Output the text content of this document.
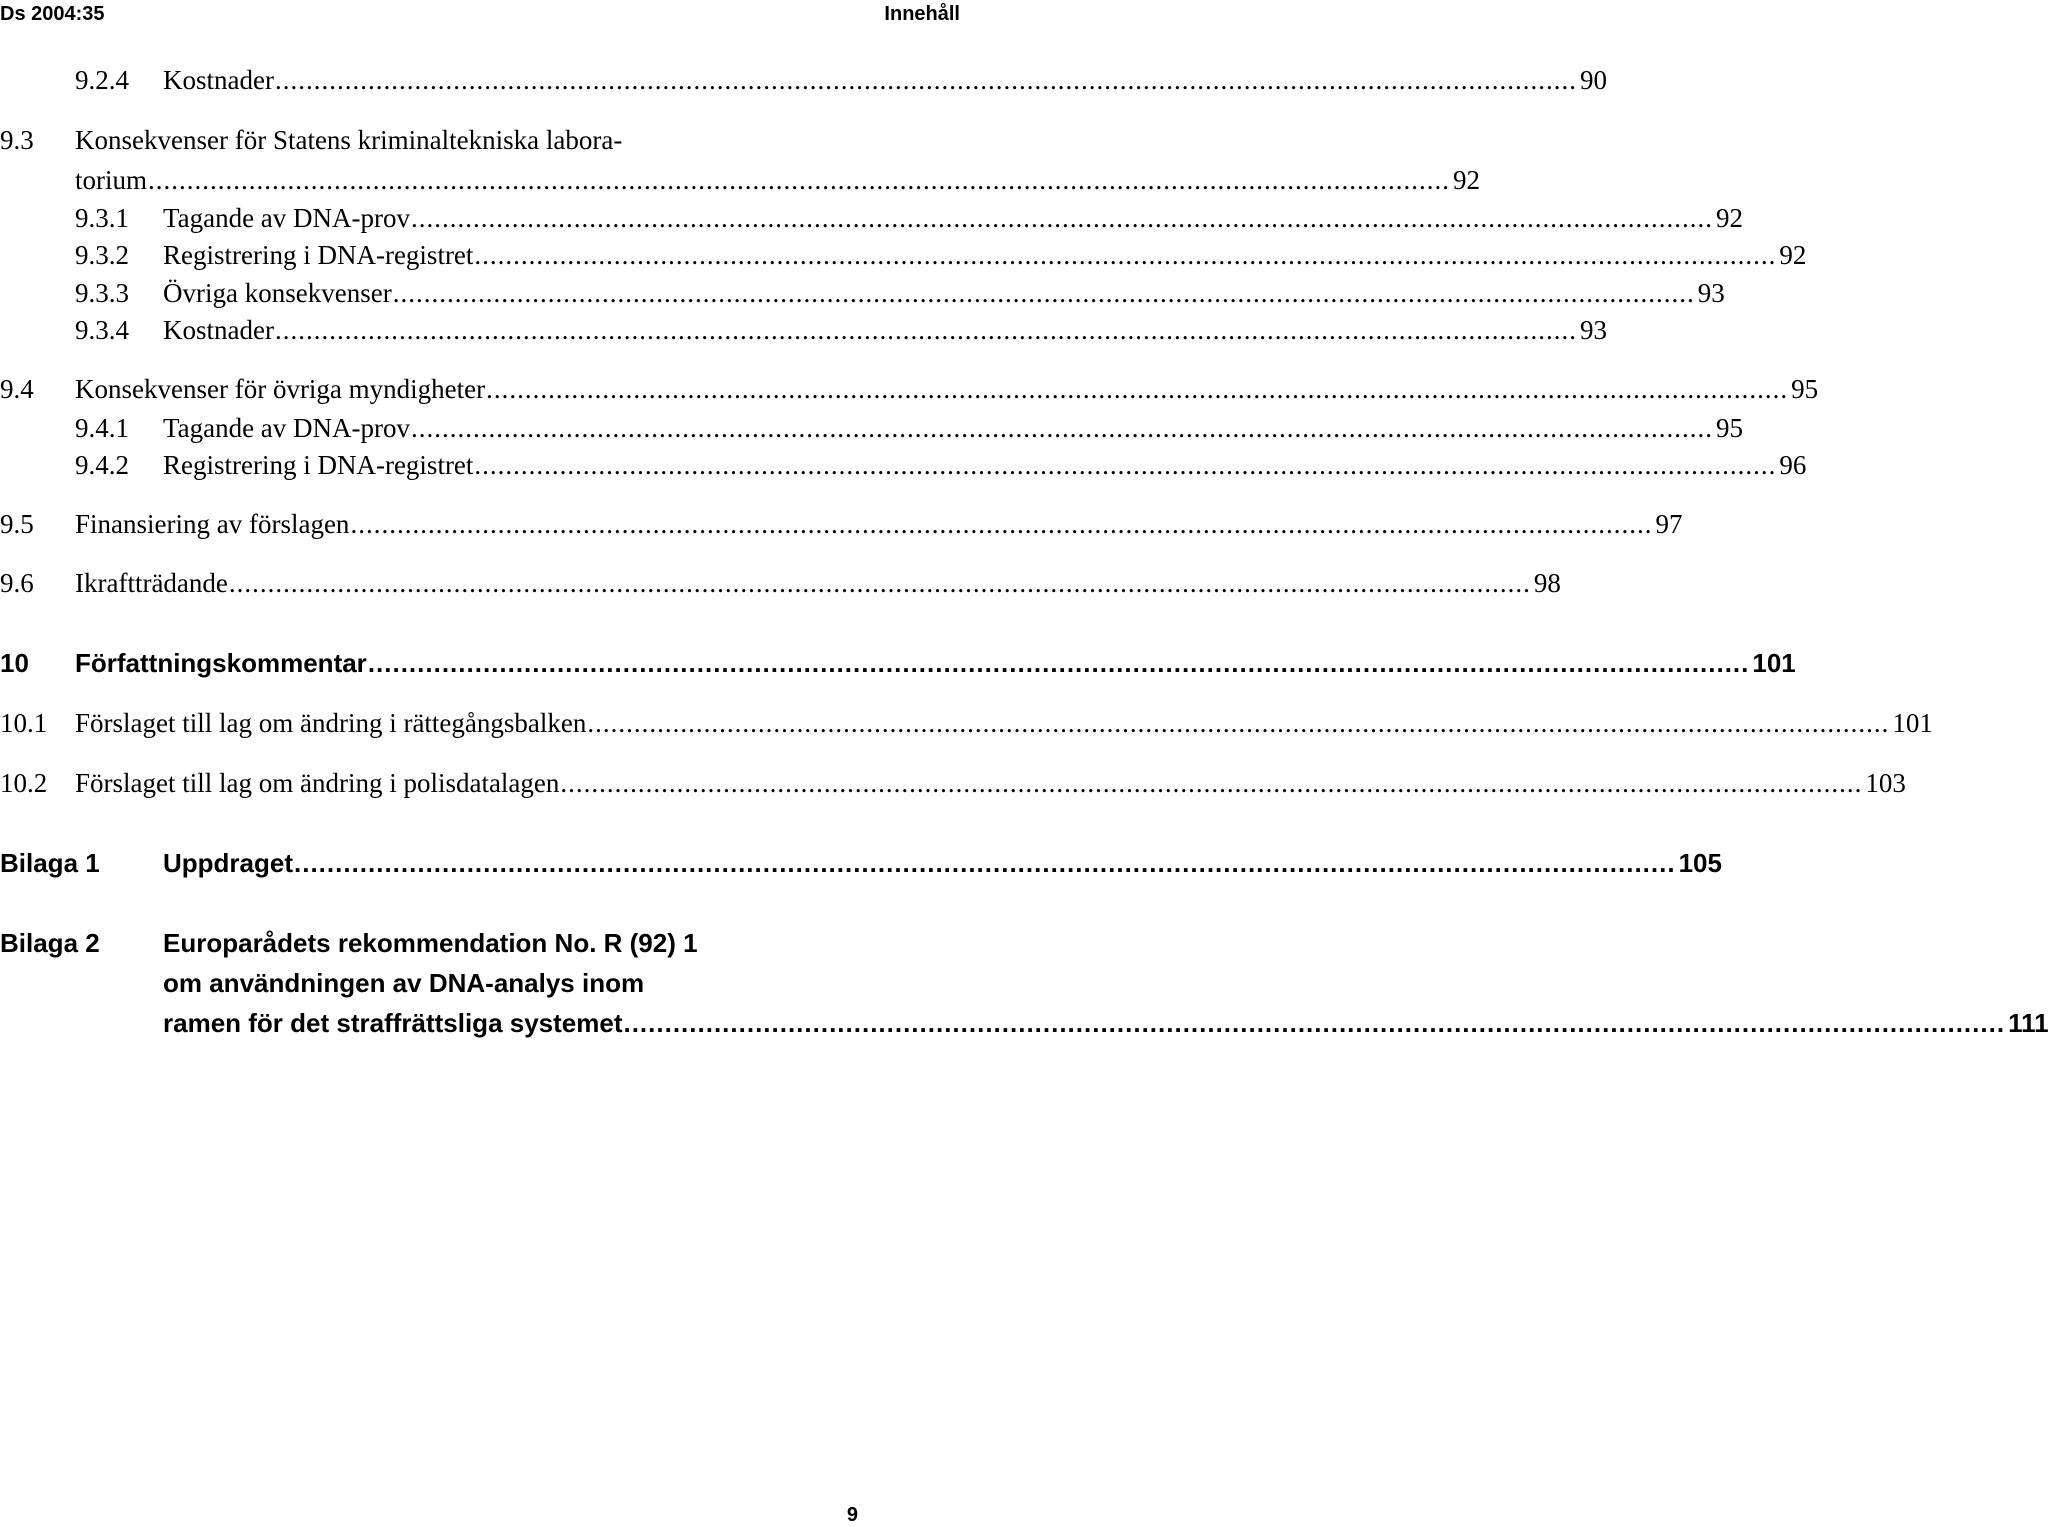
Ds 2004:35	Innehåll
9.2.4 Kostnader ........................................................................................................................................................................ 90
9.3 Konsekvenser för Statens kriminaltekniska labora-
torium ........................................................................................................................................................................ 92
9.3.1 Tagande av DNA-prov ........................................................................................................................................................................ 92
9.3.2 Registrering i DNA-registret ........................................................................................................................................................................ 92
9.3.3 Övriga konsekvenser ........................................................................................................................................................................ 93
9.3.4 Kostnader ........................................................................................................................................................................ 93
9.4 Konsekvenser för övriga myndigheter ........................................................................................................................................................................ 95
9.4.1 Tagande av DNA-prov ........................................................................................................................................................................ 95
9.4.2 Registrering i DNA-registret ........................................................................................................................................................................ 96
9.5 Finansiering av förslagen ........................................................................................................................................................................ 97
9.6 Ikraftträdande ........................................................................................................................................................................ 98
10 Författningskommentar ........................................................................................................................................................................ 101
10.1 Förslaget till lag om ändring i rättegångsbalken ........................................................................................................................................................................ 101
10.2 Förslaget till lag om ändring i polisdatalagen ........................................................................................................................................................................ 103
Bilaga 1 Uppdraget ........................................................................................................................................................................ 105
Bilaga 2 Europarådets rekommendation No. R (92) 1
om användningen av DNA-analys inom
ramen för det straffrättsliga systemet ........................................................................................................................................................................ 111
9
